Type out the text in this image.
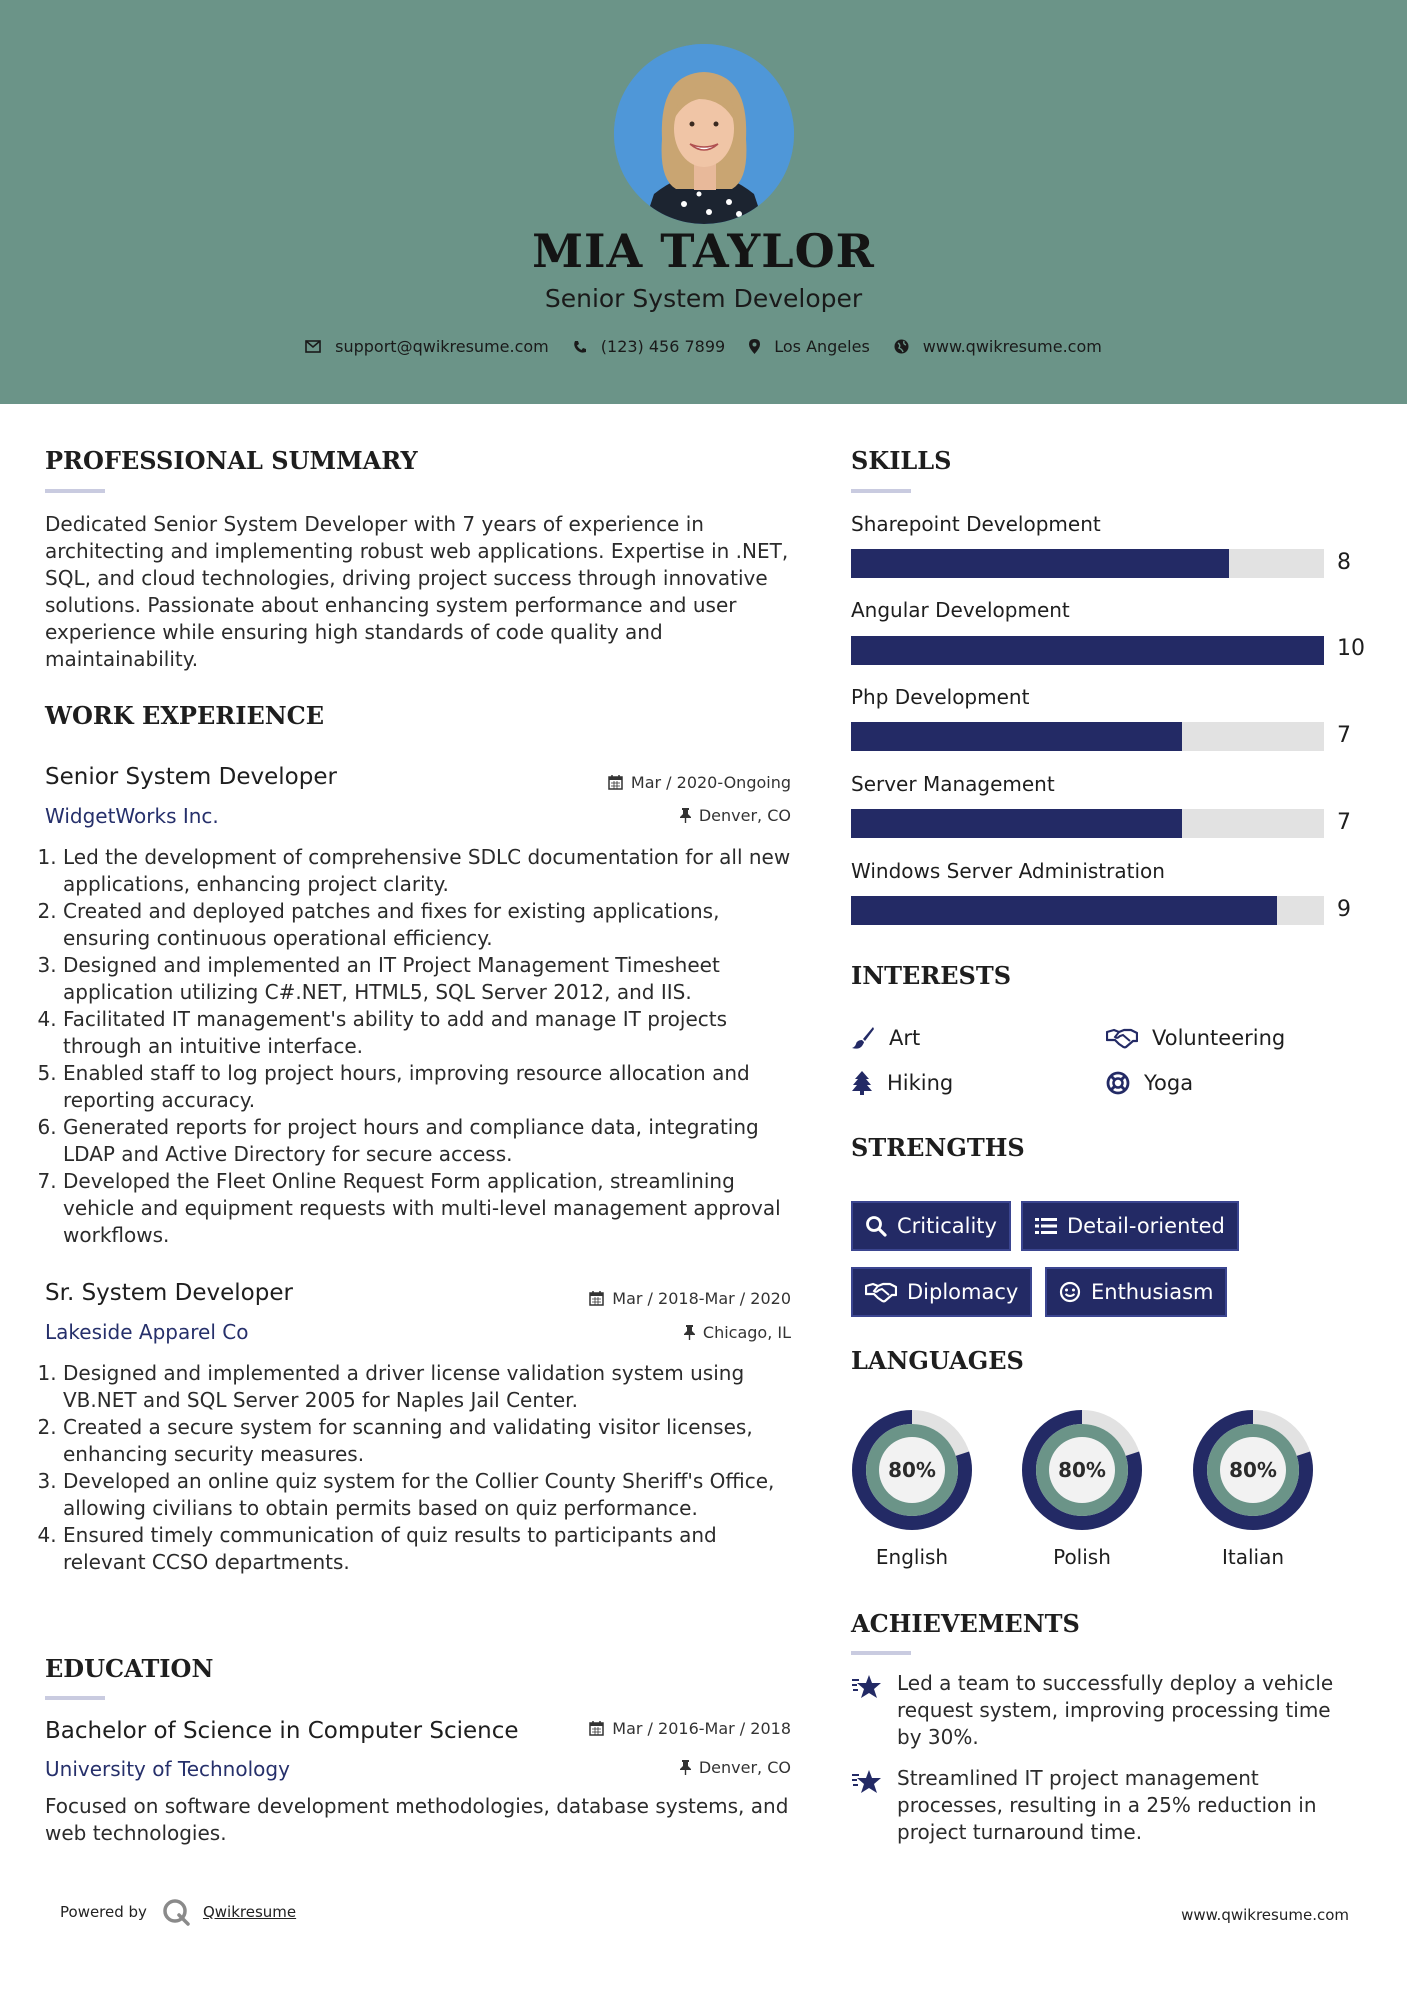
MIA TAYLOR
Senior System Developer
support@qwikresume.com	(123) 456 7899	Los Angeles	www.qwikresume.com
PROFESSIONAL SUMMARY
Dedicated Senior System Developer with 7 years of experience in architecting and implementing robust web applications. Expertise in .NET, SQL, and cloud technologies, driving project success through innovative solutions. Passionate about enhancing system performance and user experience while ensuring high standards of code quality and maintainability.
WORK EXPERIENCE
Senior System Developer	Mar / 2020-Ongoing
WidgetWorks Inc.	Denver, CO
1. Led the development of comprehensive SDLC documentation for all new applications, enhancing project clarity.
2. Created and deployed patches and fixes for existing applications, ensuring continuous operational efficiency.
3. Designed and implemented an IT Project Management Timesheet application utilizing C#.NET, HTML5, SQL Server 2012, and IIS.
4. Facilitated IT management's ability to add and manage IT projects through an intuitive interface.
5. Enabled staff to log project hours, improving resource allocation and reporting accuracy.
6. Generated reports for project hours and compliance data, integrating LDAP and Active Directory for secure access.
7. Developed the Fleet Online Request Form application, streamlining vehicle and equipment requests with multi-level management approval workflows.
Sr. System Developer	Mar / 2018-Mar / 2020
Lakeside Apparel Co	Chicago, IL
1. Designed and implemented a driver license validation system using VB.NET and SQL Server 2005 for Naples Jail Center.
2. Created a secure system for scanning and validating visitor licenses, enhancing security measures.
3. Developed an online quiz system for the Collier County Sheriff's Office, allowing civilians to obtain permits based on quiz performance.
4. Ensured timely communication of quiz results to participants and relevant CCSO departments.
EDUCATION
Bachelor of Science in Computer Science	Mar / 2016-Mar / 2018
University of Technology	Denver, CO
Focused on software development methodologies, database systems, and web technologies.
SKILLS
Sharepoint Development
8
Angular Development
10
Php Development
7
Server Management
7
Windows Server Administration
9
INTERESTS
Art	Volunteering
Hiking	Yoga
STRENGTHS
Criticality	Detail-oriented
Diplomacy	Enthusiasm
LANGUAGES
80%
English
80%
Polish
80%
Italian
ACHIEVEMENTS
Led a team to successfully deploy a vehicle request system, improving processing time by 30%.
Streamlined IT project management processes, resulting in a 25% reduction in project turnaround time.
Powered by	Qwikresume	www.qwikresume.com
